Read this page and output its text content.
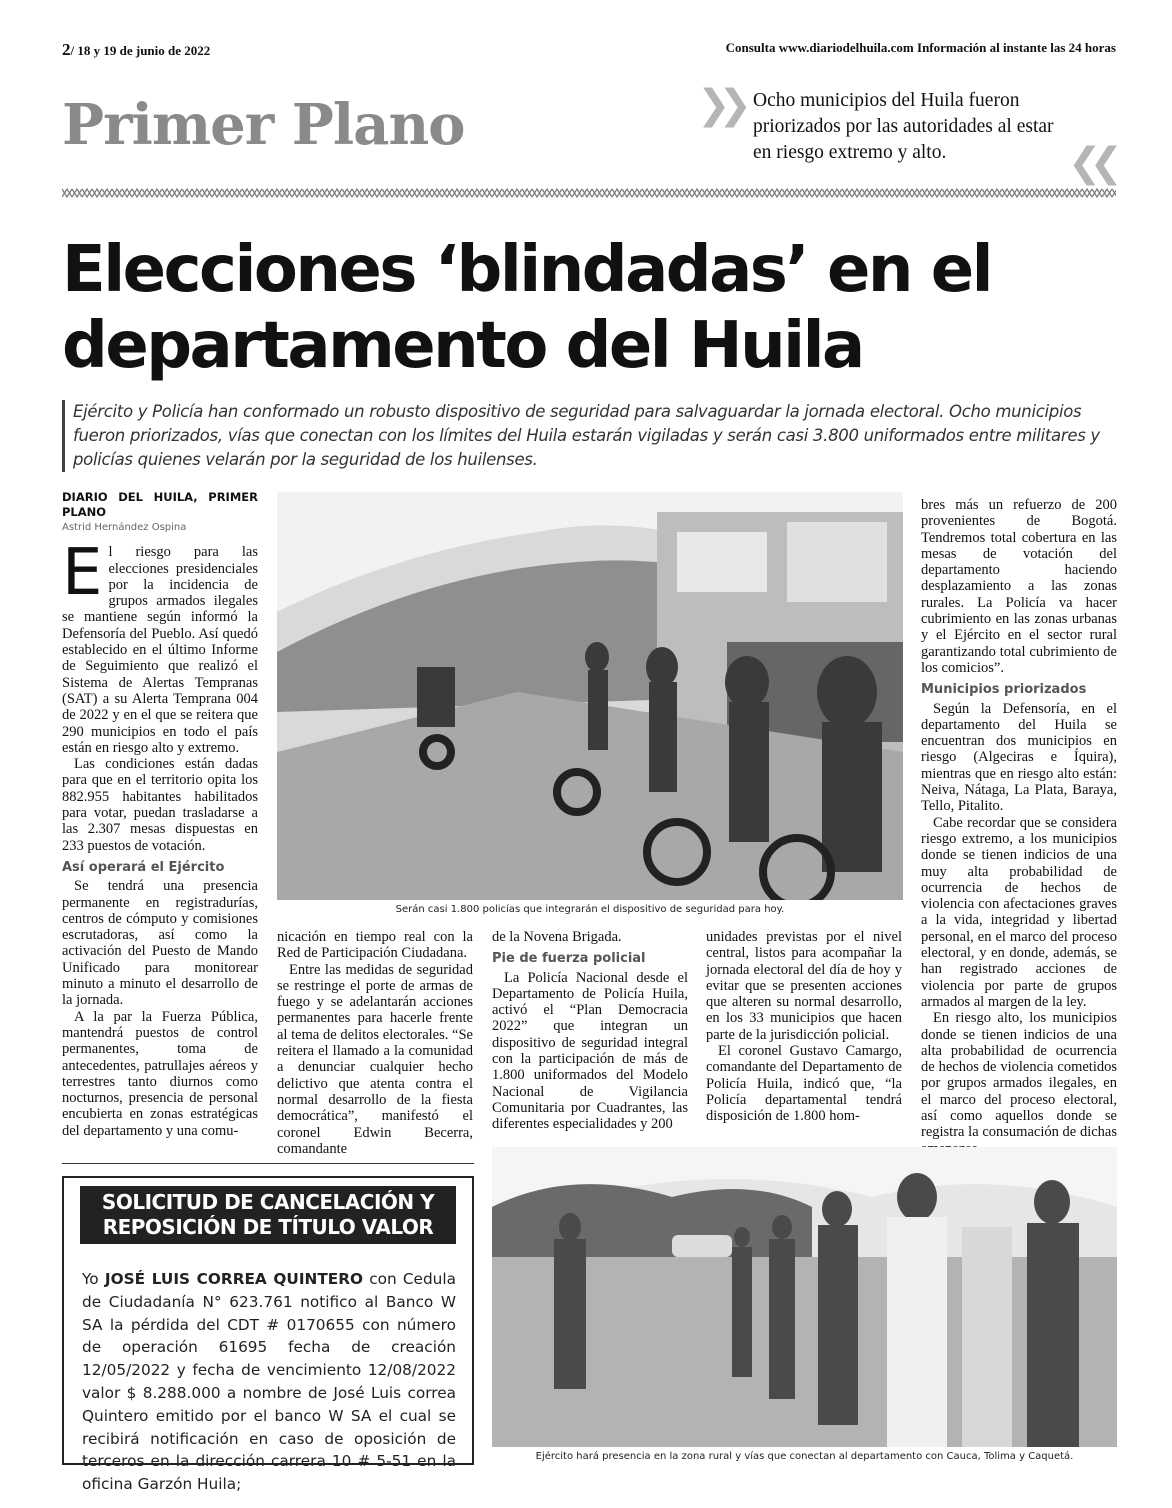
2/ 18 y 19 de junio de 2022	Consulta www.diariodelhuila.com Información al instante las 24 horas
Primer Plano	❯❯ Ocho municipios del Huila fueron priorizados por las autoridades al estar en riesgo extremo y alto.	❮❮
Elecciones ‘blindadas’ en el departamento del Huila
Ejército y Policía han conformado un robusto dispositivo de seguridad para salvaguardar la jornada electoral. Ocho municipios fueron priorizados, vías que conectan con los límites del Huila estarán vigiladas y serán casi 3.800 uniformados entre militares y policías quienes velarán por la seguridad de los huilenses.
DIARIO DEL HUILA, PRIMER PLANO
Astrid Hernández Ospina

El riesgo para las elecciones presidenciales por la incidencia de grupos armados ilegales se mantiene según informó la Defensoría del Pueblo. Así quedó establecido en el último Informe de Seguimiento que realizó el Sistema de Alertas Tempranas (SAT) a su Alerta Temprana 004 de 2022 y en el que se reitera que 290 municipios en todo el país están en riesgo alto y extremo.

Las condiciones están dadas para que en el territorio opita los 882.955 habitantes habilitados para votar, puedan trasladarse a las 2.307 mesas dispuestas en 233 puestos de votación.

Así operará el Ejército

Se tendrá una presencia permanente en registradurías, centros de cómputo y comisiones escrutadoras, así como la activación del Puesto de Mando Unificado para monitorear minuto a minuto el desarrollo de la jornada.

A la par la Fuerza Pública, mantendrá puestos de control permanentes, toma de antecedentes, patrullajes aéreos y terrestres tanto diurnos como nocturnos, presencia de personal encubierta en zonas estratégicas del departamento y una comu-

Serán casi 1.800 policías que integrarán el dispositivo de seguridad para hoy.

nicación en tiempo real con la Red de Participación Ciudadana.

Entre las medidas de seguridad se restringe el porte de armas de fuego y se adelantarán acciones permanentes para hacerle frente al tema de delitos electorales. “Se reitera el llamado a la comunidad a denunciar cualquier hecho delictivo que atenta contra el normal desarrollo de la fiesta democrática”, manifestó el coronel Edwin Becerra, comandante

de la Novena Brigada.

Pie de fuerza policial

La Policía Nacional desde el Departamento de Policía Huila, activó el “Plan Democracia 2022” que integran un dispositivo de seguridad integral con la participación de más de 1.800 uniformados del Modelo Nacional de Vigilancia Comunitaria por Cuadrantes, las diferentes especialidades y 200

unidades previstas por el nivel central, listos para acompañar la jornada electoral del día de hoy y evitar que se presenten acciones que alteren su normal desarrollo, en los 33 municipios que hacen parte de la jurisdicción policial.

El coronel Gustavo Camargo, comandante del Departamento de Policía Huila, indicó que, “la Policía departamental tendrá disposición de 1.800 hom-

bres más un refuerzo de 200 provenientes de Bogotá. Tendremos total cobertura en las mesas de votación del departamento haciendo desplazamiento a las zonas rurales. La Policía va hacer cubrimiento en las zonas urbanas y el Ejército en el sector rural garantizando total cubrimiento de los comicios”.

Municipios priorizados

Según la Defensoría, en el departamento del Huila se encuentran dos municipios en riesgo (Algeciras e Íquira), mientras que en riesgo alto están: Neiva, Nátaga, La Plata, Baraya, Tello, Pitalito.

Cabe recordar que se considera riesgo extremo, a los municipios donde se tienen indicios de una muy alta probabilidad de ocurrencia de hechos de violencia con afectaciones graves a la vida, integridad y libertad personal, en el marco del proceso electoral, y en donde, además, se han registrado acciones de violencia por parte de grupos armados al margen de la ley.

En riesgo alto, los municipios donde se tienen indicios de una alta probabilidad de ocurrencia de hechos de violencia cometidos por grupos armados ilegales, en el marco del proceso electoral, así como aquellos donde se registra la consumación de dichas

Ejército hará presencia en la zona rural y vías que conectan al departamento con Cauca, Tolima y Caquetá.
SOLICITUD DE CANCELACIÓN Y REPOSICIÓN DE TÍTULO VALOR
Yo JOSÉ LUIS CORREA QUINTERO con Cedula de Ciudadanía N° 623.761 notifico al Banco W SA la pérdida del CDT # 0170655 con número de operación 61695 fecha de creación 12/05/2022 y fecha de vencimiento 12/08/2022 valor $ 8.288.000 a nombre de José Luis correa Quintero emitido por el banco W SA el cual se recibirá notificación en caso de oposición de terceros en la dirección carrera 10 # 5-51 en la oficina Garzón Huila;
